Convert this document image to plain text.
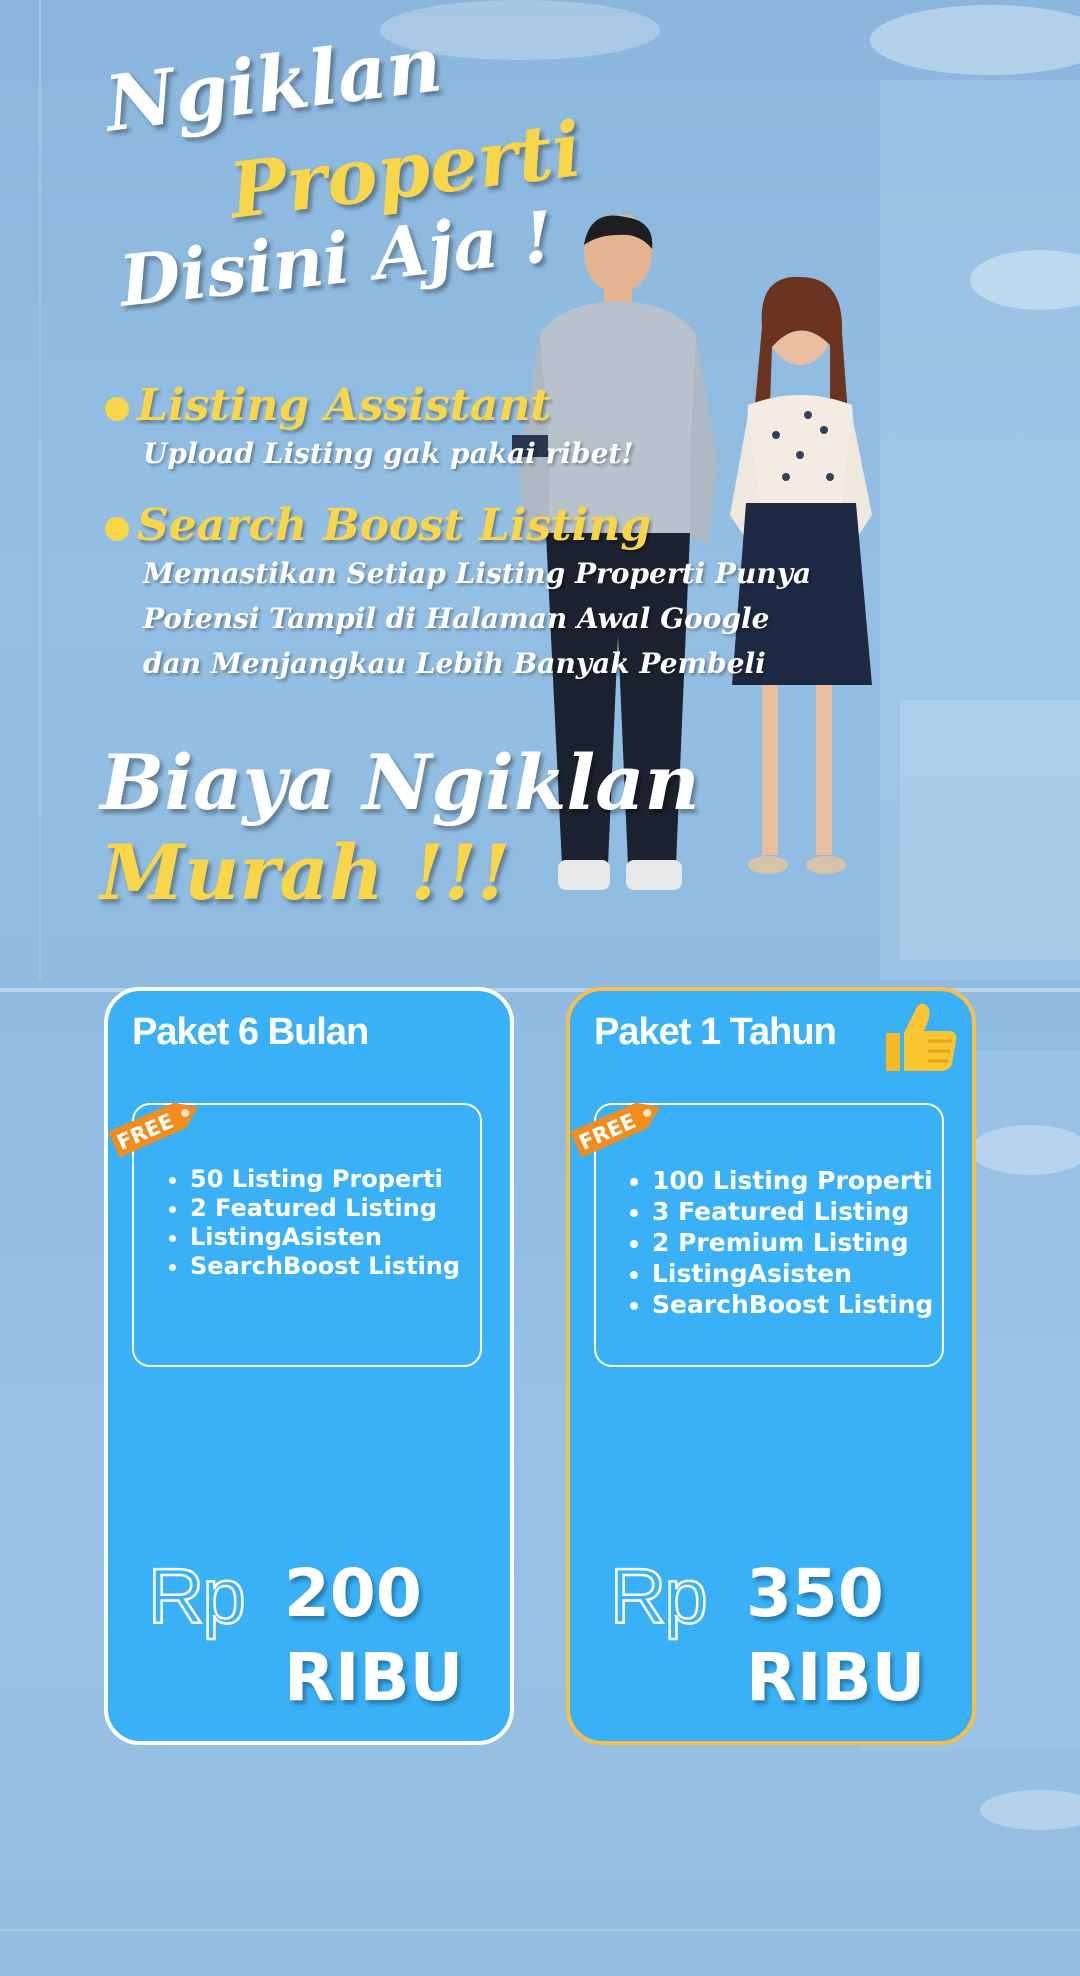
Ngiklan
Properti
Disini Aja !
Listing Assistant
Upload Listing gak pakai ribet!
Search Boost Listing
Memastikan Setiap Listing Properti Punya
Potensi Tampil di Halaman Awal Google
dan Menjangkau Lebih Banyak Pembeli
Biaya Ngiklan
Murah !!!
Paket 6 Bulan
• 50 Listing Properti
• 2 Featured Listing
• ListingAsisten
• SearchBoost Listing
FREE
Rp 200
RIBU
Paket 1 Tahun
• 100 Listing Properti
• 3 Featured Listing
• 2 Premium Listing
• ListingAsisten
• SearchBoost Listing
FREE
Rp 350
RIBU
